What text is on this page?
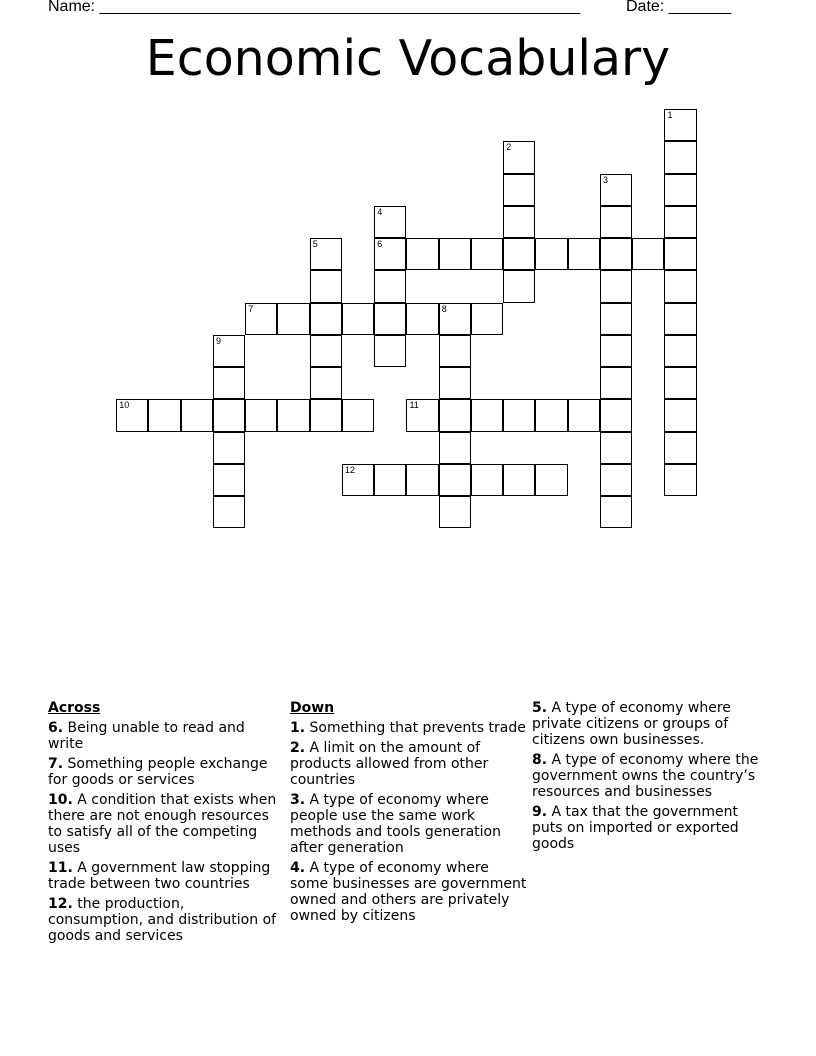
Name: ______________________________________________________	Date: _______
Economic Vocabulary
1
2
3
4
5	6
7	8
9
10	11
12
Across
6. Being unable to read and write
7. Something people exchange for goods or services
10. A condition that exists when there are not enough resources to satisfy all of the competing uses
11. A government law stopping trade between two countries
12. the production, consumption, and distribution of goods and services
Down
1. Something that prevents trade
2. A limit on the amount of products allowed from other countries
3. A type of economy where people use the same work methods and tools generation after generation
4. A type of economy where some businesses are government owned and others are privately owned by citizens
5. A type of economy where private citizens or groups of citizens own businesses.
8. A type of economy where the government owns the country’s resources and businesses
9. A tax that the government puts on imported or exported goods
